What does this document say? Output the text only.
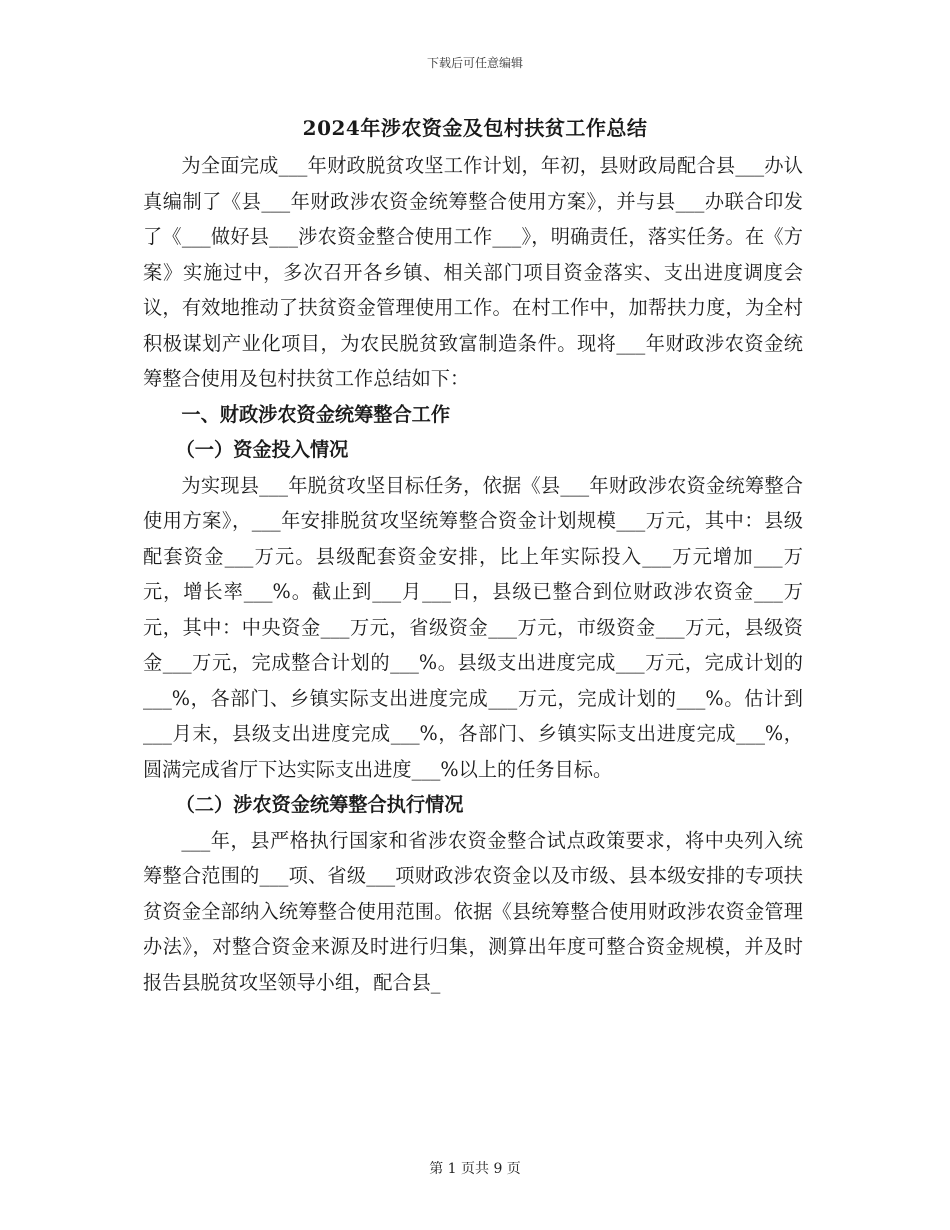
下载后可任意编辑
2024年涉农资金及包村扶贫工作总结

为全面完成___年财政脱贫攻坚工作计划，年初，县财政局配合县___办认真编制了《县___年财政涉农资金统筹整合使用方案》，并与县___办联合印发了《___做好县___涉农资金整合使用工作___》，明确责任，落实任务。在《方案》实施过中，多次召开各乡镇、相关部门项目资金落实、支出进度调度会议，有效地推动了扶贫资金管理使用工作。在村工作中，加帮扶力度，为全村积极谋划产业化项目，为农民脱贫致富制造条件。现将___年财政涉农资金统筹整合使用及包村扶贫工作总结如下：

一、财政涉农资金统筹整合工作

（一）资金投入情况

为实现县___年脱贫攻坚目标任务，依据《县___年财政涉农资金统筹整合使用方案》，___年安排脱贫攻坚统筹整合资金计划规模___万元，其中：县级配套资金___万元。县级配套资金安排，比上年实际投入___万元增加___万元，增长率___%。截止到___月___日，县级已整合到位财政涉农资金___万元，其中：中央资金___万元，省级资金___万元，市级资金___万元，县级资金___万元，完成整合计划的___%。县级支出进度完成___万元，完成计划的___%，各部门、乡镇实际支出进度完成___万元，完成计划的___%。估计到___月末，县级支出进度完成___%，各部门、乡镇实际支出进度完成___%，圆满完成省厅下达实际支出进度___%以上的任务目标。

（二）涉农资金统筹整合执行情况

___年，县严格执行国家和省涉农资金整合试点政策要求，将中央列入统筹整合范围的___项、省级___项财政涉农资金以及市级、县本级安排的专项扶贫资金全部纳入统筹整合使用范围。依据《县统筹整合使用财政涉农资金管理办法》，对整合资金来源及时进行归集，测算出年度可整合资金规模，并及时报告县脱贫攻坚领导小组，配合县_

第 1 页共 9 页
